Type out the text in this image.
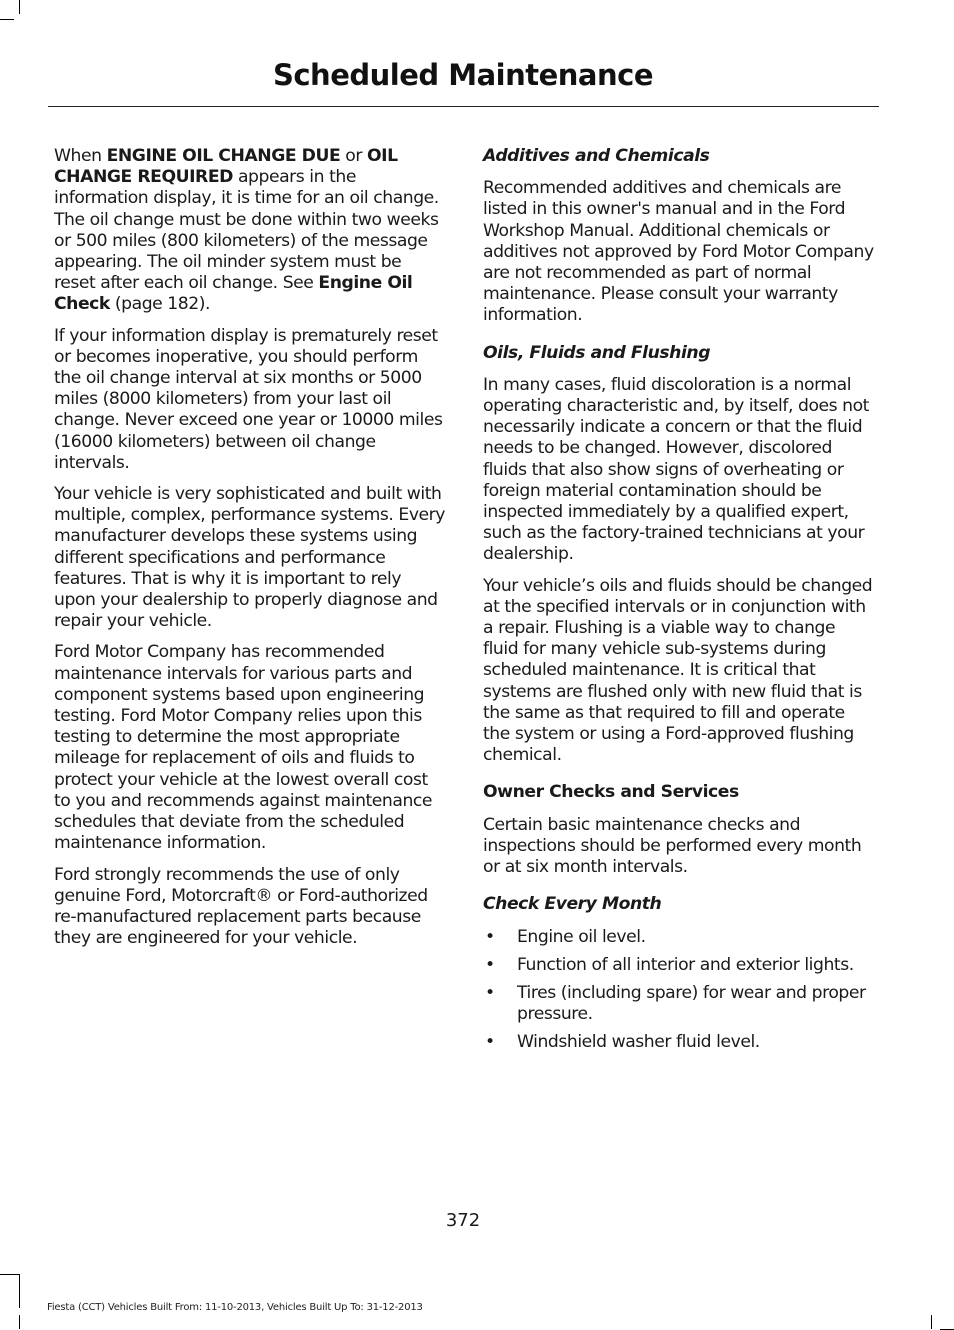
Scheduled Maintenance

When ENGINE OIL CHANGE DUE or OIL CHANGE REQUIRED appears in the information display, it is time for an oil change. The oil change must be done within two weeks or 500 miles (800 kilometers) of the message appearing. The oil minder system must be reset after each oil change. See Engine Oil Check (page 182).

If your information display is prematurely reset or becomes inoperative, you should perform the oil change interval at six months or 5000 miles (8000 kilometers) from your last oil change. Never exceed one year or 10000 miles (16000 kilometers) between oil change intervals.

Your vehicle is very sophisticated and built with multiple, complex, performance systems. Every manufacturer develops these systems using different specifications and performance features. That is why it is important to rely upon your dealership to properly diagnose and repair your vehicle.

Ford Motor Company has recommended maintenance intervals for various parts and component systems based upon engineering testing. Ford Motor Company relies upon this testing to determine the most appropriate mileage for replacement of oils and fluids to protect your vehicle at the lowest overall cost to you and recommends against maintenance schedules that deviate from the scheduled maintenance information.

Ford strongly recommends the use of only genuine Ford, Motorcraft® or Ford-authorized re-manufactured replacement parts because they are engineered for your vehicle.

Additives and Chemicals

Recommended additives and chemicals are listed in this owner's manual and in the Ford Workshop Manual. Additional chemicals or additives not approved by Ford Motor Company are not recommended as part of normal maintenance. Please consult your warranty information.

Oils, Fluids and Flushing

In many cases, fluid discoloration is a normal operating characteristic and, by itself, does not necessarily indicate a concern or that the fluid needs to be changed. However, discolored fluids that also show signs of overheating or foreign material contamination should be inspected immediately by a qualified expert, such as the factory-trained technicians at your dealership.

Your vehicle’s oils and fluids should be changed at the specified intervals or in conjunction with a repair. Flushing is a viable way to change fluid for many vehicle sub-systems during scheduled maintenance. It is critical that systems are flushed only with new fluid that is the same as that required to fill and operate the system or using a Ford-approved flushing chemical.

Owner Checks and Services

Certain basic maintenance checks and inspections should be performed every month or at six month intervals.

Check Every Month
• Engine oil level.
• Function of all interior and exterior lights.
• Tires (including spare) for wear and proper pressure.
• Windshield washer fluid level.
372
Fiesta (CCT) Vehicles Built From: 11-10-2013, Vehicles Built Up To: 31-12-2013
